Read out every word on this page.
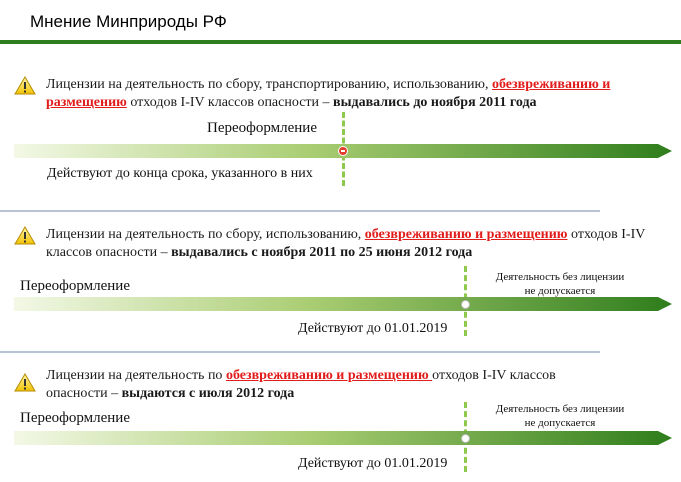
Мнение Минприроды РФ
Лицензии на деятельность по сбору, транспортированию, использованию, обезвреживанию и размещению отходов I-IV классов опасности – выдавались до ноября 2011 года
Переоформление
Действуют до конца срока, указанного в них
Лицензии на деятельность по сбору, использованию, обезвреживанию и размещению отходов I-IV классов опасности – выдавались с ноября 2011 по 25 июня 2012 года
Переоформление
Деятельность без лицензии
не допускается
Действуют до 01.01.2019
Лицензии на деятельность по обезвреживанию и размещению отходов I-IV классов опасности – выдаются с июля 2012 года
Переоформление
Деятельность без лицензии
не допускается
Действуют до 01.01.2019
